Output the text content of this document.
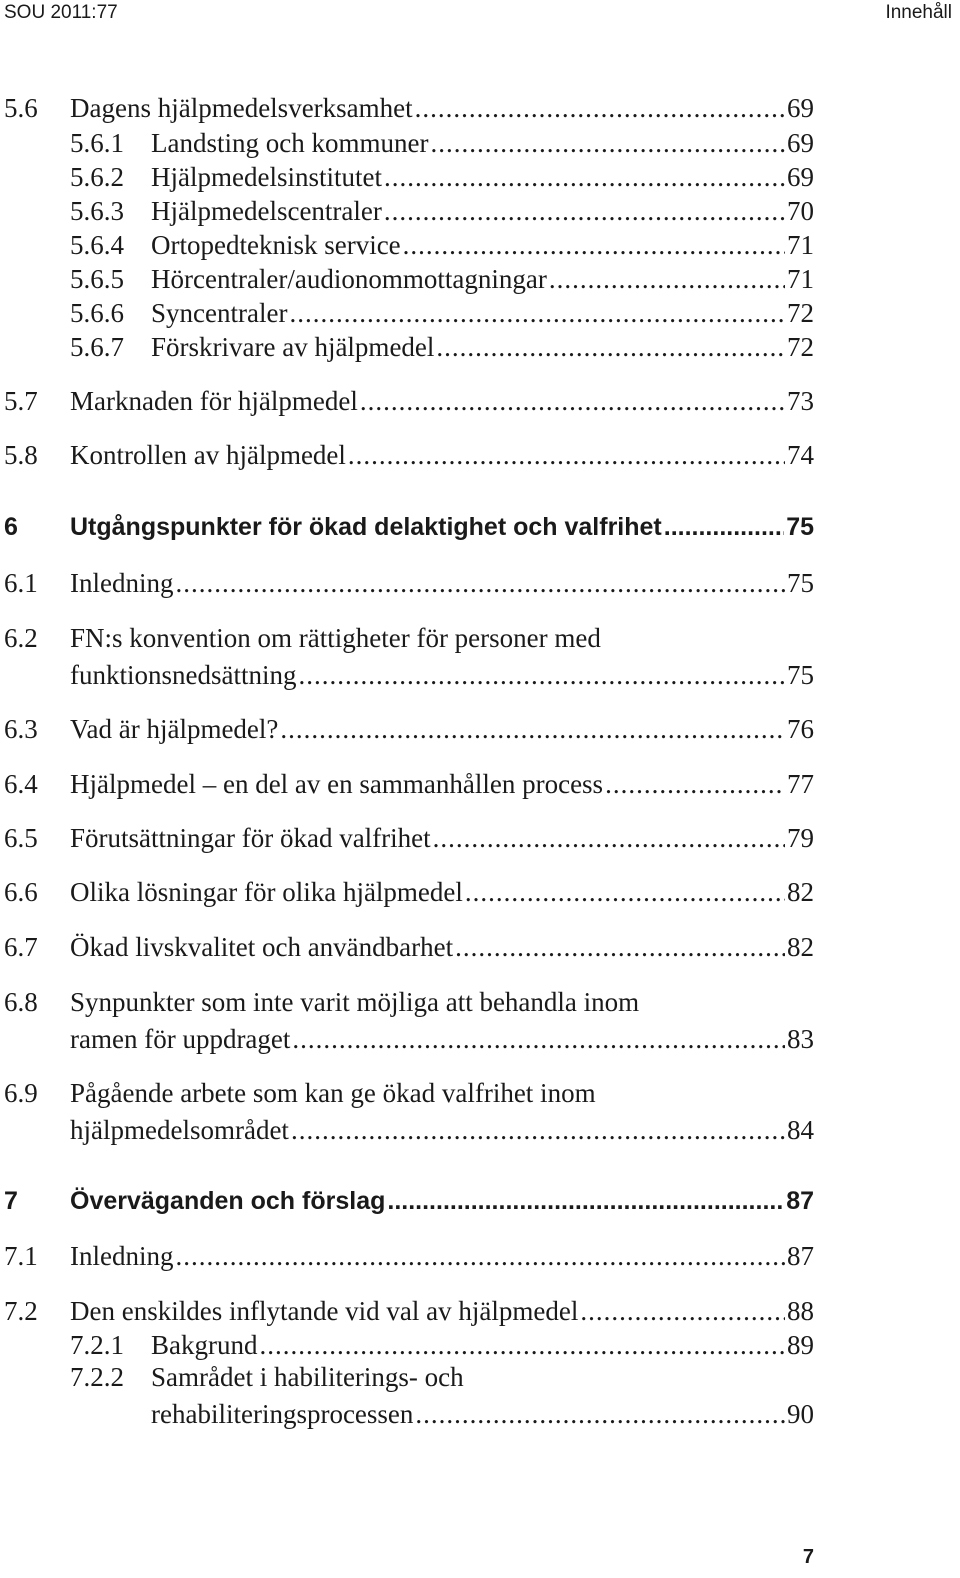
SOU 2011:77	Innehåll
5.6 Dagens hjälpmedelsverksamhet .....	69
5.6.1 Landsting och kommuner .....	69
5.6.2 Hjälpmedelsinstitutet .....	69
5.6.3 Hjälpmedelscentraler .....	70
5.6.4 Ortopedteknisk service .....	71
5.6.5 Hörcentraler/audionommottagningar .....	71
5.6.6 Syncentraler .....	72
5.6.7 Förskrivare av hjälpmedel .....	72
5.7 Marknaden för hjälpmedel .....	73
5.8 Kontrollen av hjälpmedel .....	74
6 Utgångspunkter för ökad delaktighet och valfrihet .....	75
6.1 Inledning .....	75
6.2 FN:s konvention om rättigheter för personer med
funktionsnedsättning .....	75
6.3 Vad är hjälpmedel? .....	76
6.4 Hjälpmedel – en del av en sammanhållen process .....	77
6.5 Förutsättningar för ökad valfrihet .....	79
6.6 Olika lösningar för olika hjälpmedel .....	82
6.7 Ökad livskvalitet och användbarhet .....	82
6.8 Synpunkter som inte varit möjliga att behandla inom
ramen för uppdraget .....	83
6.9 Pågående arbete som kan ge ökad valfrihet inom
hjälpmedelsområdet .....	84
7 Överväganden och förslag .....	87
7.1 Inledning .....	87
7.2 Den enskildes inflytande vid val av hjälpmedel .....	88
7.2.1 Bakgrund .....	89
7.2.2 Samrådet i habiliterings- och
rehabiliteringsprocessen .....	90
7
